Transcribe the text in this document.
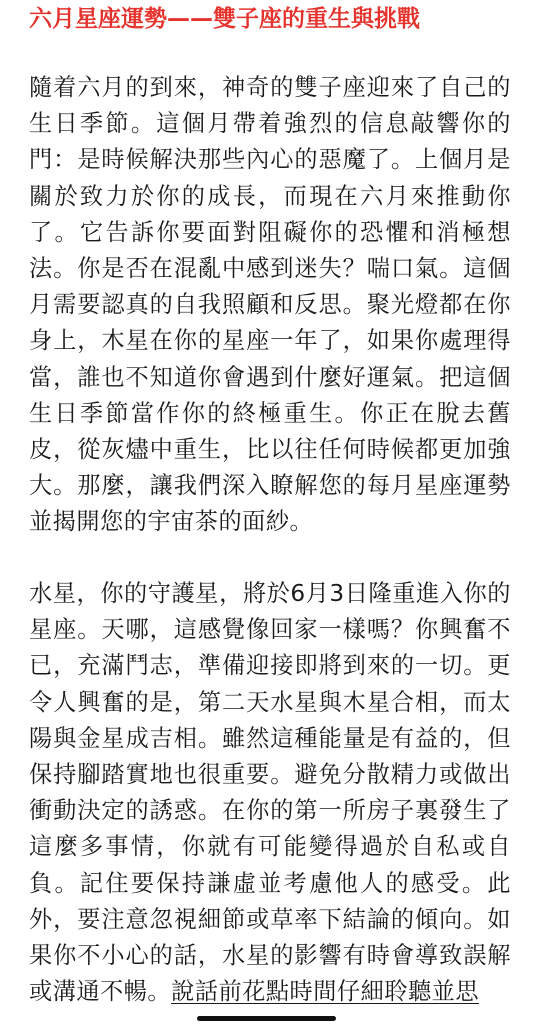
六月星座運勢——雙子座的重生與挑戰

隨着六月的到來，神奇的雙子座迎來了自己的生日季節。這個月帶着強烈的信息敲響你的門：是時候解決那些內心的惡魔了。上個月是關於致力於你的成長，而現在六月來推動你了。它告訴你要面對阻礙你的恐懼和消極想法。你是否在混亂中感到迷失？喘口氣。這個月需要認真的自我照顧和反思。聚光燈都在你身上，木星在你的星座一年了，如果你處理得當，誰也不知道你會遇到什麼好運氣。把這個生日季節當作你的終極重生。你正在脫去舊皮，從灰燼中重生，比以往任何時候都更加強大。那麼，讓我們深入瞭解您的每月星座運勢並揭開您的宇宙茶的面紗。

水星，你的守護星，將於6月3日隆重進入你的星座。天哪，這感覺像回家一樣嗎？你興奮不已，充滿鬥志，準備迎接即將到來的一切。更令人興奮的是，第二天水星與木星合相，而太陽與金星成吉相。雖然這種能量是有益的，但保持腳踏實地也很重要。避免分散精力或做出衝動決定的誘惑。在你的第一所房子裏發生了這麼多事情，你就有可能變得過於自私或自負。記住要保持謙虛並考慮他人的感受。此外，要注意忽視細節或草率下結論的傾向。如果你不小心的話，水星的影響有時會導致誤解或溝通不暢。說話前花點時間仔細聆聽並思
